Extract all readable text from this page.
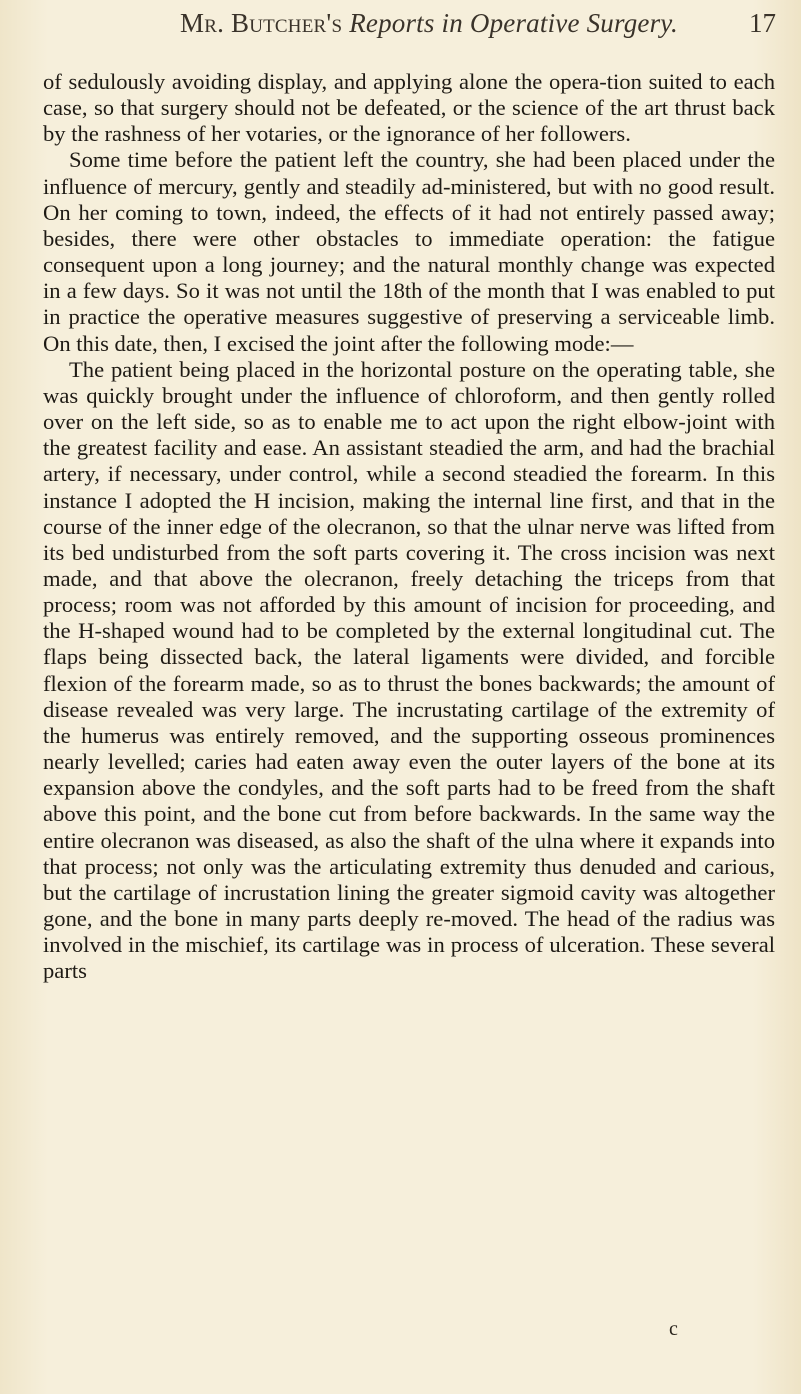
Mr. Butcher's Reports in Operative Surgery.	17

of sedulously avoiding display, and applying alone the opera-tion suited to each case, so that surgery should not be defeated, or the science of the art thrust back by the rashness of her votaries, or the ignorance of her followers.

Some time before the patient left the country, she had been placed under the influence of mercury, gently and steadily ad-ministered, but with no good result. On her coming to town, indeed, the effects of it had not entirely passed away; besides, there were other obstacles to immediate operation: the fatigue consequent upon a long journey; and the natural monthly change was expected in a few days. So it was not until the 18th of the month that I was enabled to put in practice the operative measures suggestive of preserving a serviceable limb. On this date, then, I excised the joint after the following mode:—

The patient being placed in the horizontal posture on the operating table, she was quickly brought under the influence of chloroform, and then gently rolled over on the left side, so as to enable me to act upon the right elbow-joint with the greatest facility and ease. An assistant steadied the arm, and had the brachial artery, if necessary, under control, while a second steadied the forearm. In this instance I adopted the H incision, making the internal line first, and that in the course of the inner edge of the olecranon, so that the ulnar nerve was lifted from its bed undisturbed from the soft parts covering it. The cross incision was next made, and that above the olecranon, freely detaching the triceps from that process; room was not afforded by this amount of incision for proceeding, and the H-shaped wound had to be completed by the external longitudinal cut. The flaps being dissected back, the lateral ligaments were divided, and forcible flexion of the forearm made, so as to thrust the bones backwards; the amount of disease revealed was very large. The incrustating cartilage of the extremity of the humerus was entirely removed, and the supporting osseous prominences nearly levelled; caries had eaten away even the outer layers of the bone at its expansion above the condyles, and the soft parts had to be freed from the shaft above this point, and the bone cut from before backwards. In the same way the entire olecranon was diseased, as also the shaft of the ulna where it expands into that process; not only was the articulating extremity thus denuded and carious, but the cartilage of incrustation lining the greater sigmoid cavity was altogether gone, and the bone in many parts deeply re-moved. The head of the radius was involved in the mischief, its cartilage was in process of ulceration. These several parts

c
